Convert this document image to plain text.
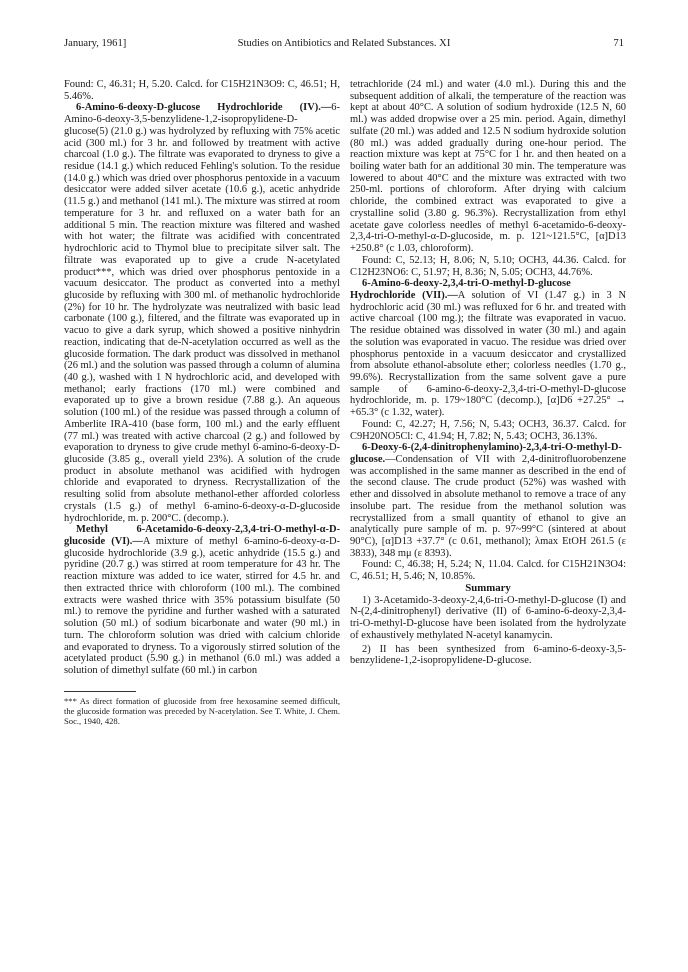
January, 1961]	Studies on Antibiotics and Related Substances. XI	71

Found: C, 46.31; H, 5.20. Calcd. for C15H21N3O9: C, 46.51; H, 5.46%.

6-Amino-6-deoxy-D-glucose Hydrochloride (IV).—6-Amino-6-deoxy-3,5-benzylidene-1,2-isopropylidene-D-glucose(5) (21.0 g.) was hydrolyzed by refluxing with 75% acetic acid (300 ml.) for 3 hr. and followed by treatment with active charcoal (1.0 g.). The filtrate was evaporated to dryness to give a residue (14.1 g.) which reduced Fehling's solution. To the residue (14.0 g.) which was dried over phosphorus pentoxide in a vacuum desiccator were added silver acetate (10.6 g.), acetic anhydride (11.5 g.) and methanol (141 ml.). The mixture was stirred at room temperature for 3 hr. and refluxed on a water bath for an additional 5 min. The reaction mixture was filtered and washed with hot water; the filtrate was acidified with concentrated hydrochloric acid to Thymol blue to precipitate silver salt. The filtrate was evaporated up to give a crude N-acetylated product***, which was dried over phosphorus pentoxide in a vacuum desiccator. The product as converted into a methyl glucoside by refluxing with 300 ml. of methanolic hydrochloride (2%) for 10 hr. The hydrolyzate was neutralized with basic lead carbonate (100 g.), filtered, and the filtrate was evaporated up in vacuo to give a dark syrup, which showed a positive ninhydrin reaction, indicating that de-N-acetylation occurred as well as the glucoside formation. The dark product was dissolved in methanol (26 ml.) and the solution was passed through a column of alumina (40 g.), washed with 1 N hydrochloric acid, and developed with methanol; early fractions (170 ml.) were combined and evaporated up to give a brown residue (7.88 g.). An aqueous solution (100 ml.) of the residue was passed through a column of Amberlite IRA-410 (base form, 100 ml.) and the early effluent (77 ml.) was treated with active charcoal (2 g.) and followed by evaporation to dryness to give crude methyl 6-amino-6-deoxy-D-glucoside (3.85 g., overall yield 23%). A solution of the crude product in absolute methanol was acidified with hydrogen chloride and evaporated to dryness. Recrystallization of the resulting solid from absolute methanol-ether afforded colorless crystals (1.5 g.) of methyl 6-amino-6-deoxy-α-D-glucoside hydrochloride, m. p. 200°C. (decomp.).

Methyl 6-Acetamido-6-deoxy-2,3,4-tri-O-methyl-α-D-glucoside (VI).—A mixture of methyl 6-amino-6-deoxy-α-D-glucoside hydrochloride (3.9 g.), acetic anhydride (15.5 g.) and pyridine (20.7 g.) was stirred at room temperature for 43 hr. The reaction mixture was added to ice water, stirred for 4.5 hr. and then extracted thrice with chloroform (100 ml.). The combined extracts were washed thrice with 35% potassium bisulfate (50 ml.) to remove the pyridine and further washed with a saturated solution (50 ml.) of sodium bicarbonate and water (90 ml.) in turn. The chloroform solution was dried with calcium chloride and evaporated to dryness. To a vigorously stirred solution of the acetylated product (5.90 g.) in methanol (6.0 ml.) was added a solution of dimethyl sulfate (60 ml.) in carbon

*** As direct formation of glucoside from free hexosamine seemed difficult, the glucoside formation was preceded by N-acetylation. See T. White, J. Chem. Soc., 1940, 428.

tetrachloride (24 ml.) and water (4.0 ml.). During this and the subsequent addition of alkali, the temperature of the reaction was kept at about 40°C. A solution of sodium hydroxide (12.5 N, 60 ml.) was added dropwise over a 25 min. period. Again, dimethyl sulfate (20 ml.) was added and 12.5 N sodium hydroxide solution (80 ml.) was added gradually during one-hour period. The reaction mixture was kept at 75°C for 1 hr. and then heated on a boiling water bath for an additional 30 min. The temperature was lowered to about 40°C and the mixture was extracted with two 250-ml. portions of chloroform. After drying with calcium chloride, the combined extract was evaporated to give a crystalline solid (3.80 g. 96.3%). Recrystallization from ethyl acetate gave colorless needles of methyl 6-acetamido-6-deoxy-2,3,4-tri-O-methyl-α-D-glucoside, m. p. 121~121.5°C, [α]D13 +250.8° (c 1.03, chloroform).

Found: C, 52.13; H, 8.06; N, 5.10; OCH3, 44.36. Calcd. for C12H23NO6: C, 51.97; H, 8.36; N, 5.05; OCH3, 44.76%.

6-Amino-6-deoxy-2,3,4-tri-O-methyl-D-glucose Hydrochloride (VII).—A solution of VI (1.47 g.) in 3 N hydrochloric acid (30 ml.) was refluxed for 6 hr. and treated with active charcoal (100 mg.); the filtrate was evaporated in vacuo. The residue obtained was dissolved in water (30 ml.) and again the solution was evaporated in vacuo. The residue was dried over phosphorus pentoxide in a vacuum desiccator and crystallized from absolute ethanol-absolute ether; colorless needles (1.70 g., 99.6%). Recrystallization from the same solvent gave a pure sample of 6-amino-6-deoxy-2,3,4-tri-O-methyl-D-glucose hydrochloride, m. p. 179~180°C (decomp.), [α]D6 +27.25° → +65.3° (c 1.32, water).

Found: C, 42.27; H, 7.56; N, 5.43; OCH3, 36.37. Calcd. for C9H20NO5Cl: C, 41.94; H, 7.82; N, 5.43; OCH3, 36.13%.

6-Deoxy-6-(2,4-dinitrophenylamino)-2,3,4-tri-O-methyl-D-glucose.—Condensation of VII with 2,4-dinitrofluorobenzene was accomplished in the same manner as described in the end of the second clause. The crude product (52%) was washed with ether and dissolved in absolute methanol to remove a trace of any insolube part. The residue from the methanol solution was recrystallized from a small quantity of ethanol to give an analytically pure sample of m. p. 97~99°C (sintered at about 90°C), [α]D13 +37.7° (c 0.61, methanol); λmax EtOH 261.5 (ε 3833), 348 mμ (ε 8393).

Found: C, 46.38; H, 5.24; N, 11.04. Calcd. for C15H21N3O4: C, 46.51; H, 5.46; N, 10.85%.

Summary

1) 3-Acetamido-3-deoxy-2,4,6-tri-O-methyl-D-glucose (I) and N-(2,4-dinitrophenyl) derivative (II) of 6-amino-6-deoxy-2,3,4-tri-O-methyl-D-glucose have been isolated from the hydrolyzate of exhaustively methylated N-acetyl kanamycin.

2) II has been synthesized from 6-amino-6-deoxy-3,5-benzylidene-1,2-isopropylidene-D-glucose.
